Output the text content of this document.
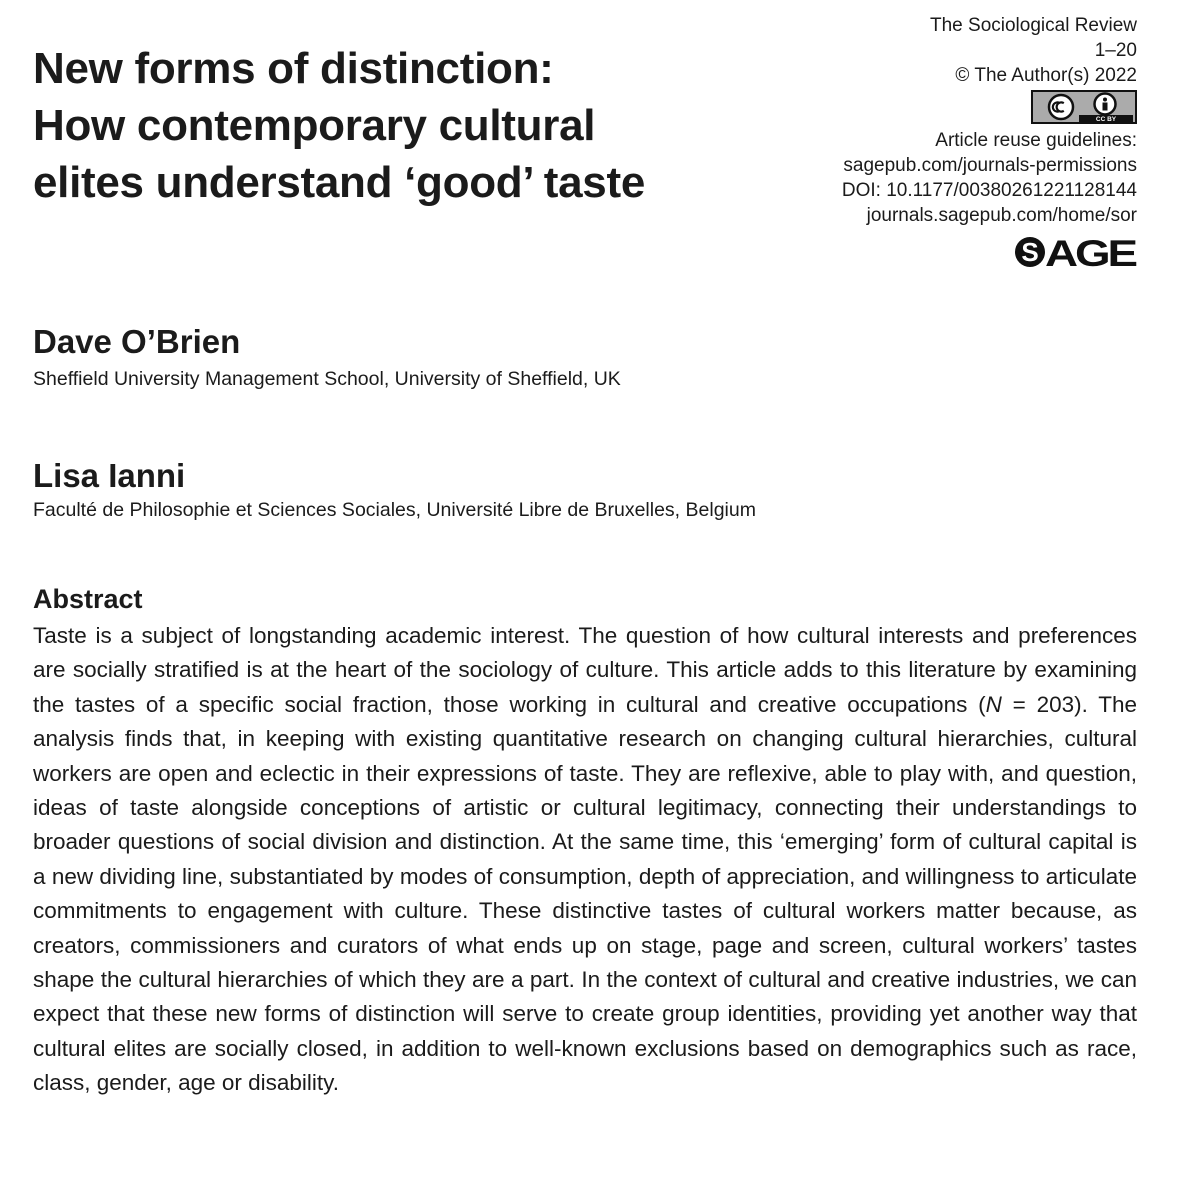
New forms of distinction:
How contemporary cultural
elites understand ‘good’ taste
The Sociological Review
1–20
© The Author(s) 2022
CC BY
Article reuse guidelines:
sagepub.com/journals-permissions
DOI: 10.1177/00380261221128144
journals.sagepub.com/home/sor
S AGE
Dave O’Brien
Sheffield University Management School, University of Sheffield, UK
Lisa Ianni
Faculté de Philosophie et Sciences Sociales, Université Libre de Bruxelles, Belgium
Abstract

Taste is a subject of longstanding academic interest. The question of how cultural interests and preferences are socially stratified is at the heart of the sociology of culture. This article adds to this literature by examining the tastes of a specific social fraction, those working in cultural and creative occupations (N = 203). The analysis finds that, in keeping with existing quantitative research on changing cultural hierarchies, cultural workers are open and eclectic in their expressions of taste. They are reflexive, able to play with, and question, ideas of taste alongside conceptions of artistic or cultural legitimacy, connecting their understandings to broader questions of social division and distinction. At the same time, this ‘emerging’ form of cultural capital is a new dividing line, substantiated by modes of consumption, depth of appreciation, and willingness to articulate commitments to engagement with culture. These distinctive tastes of cultural workers matter because, as creators, commissioners and curators of what ends up on stage, page and screen, cultural workers’ tastes shape the cultural hierarchies of which they are a part. In the context of cultural and creative industries, we can expect that these new forms of distinction will serve to create group identities, providing yet another way that cultural elites are socially closed, in addition to well-known exclusions based on demographics such as race, class, gender, age or disability.
